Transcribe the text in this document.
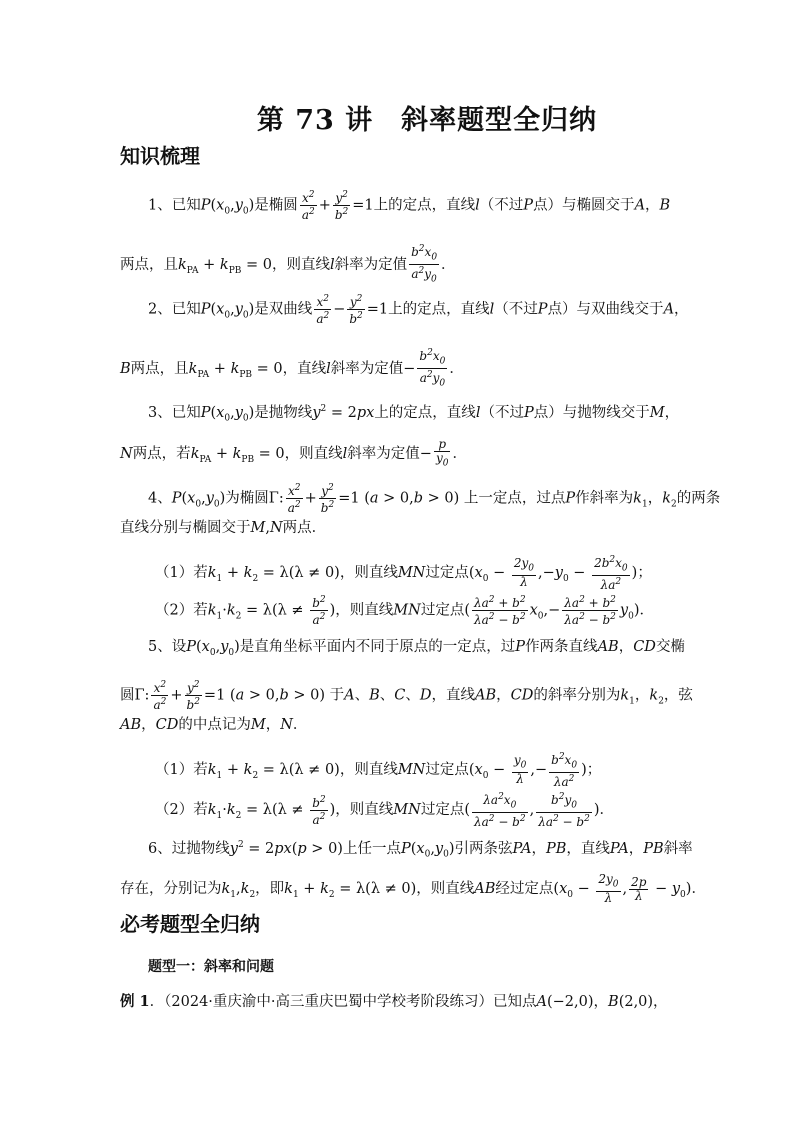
第 73 讲　斜率题型全归纳
知识梳理
1、已知$P(x_0,y_0)$是椭圆 $\frac{x^2}{a^2} + \frac{y^2}{b^2} =1$上的定点，直线l（不过P点）与椭圆交于A，B
两点，且$k_{PA} + k_{PB} = 0$，则直线l斜率为定值 $\frac{b^2x_0}{a^2y_0}$ ．
2、已知$P(x_0,y_0)$是双曲线 $\frac{x^2}{a^2} - \frac{y^2}{b^2} =1$上的定点，直线l（不过P点）与双曲线交于A，
B两点，且$k_{PA} + k_{PB} = 0$，直线l斜率为定值− $\frac{b^2x_0}{a^2y_0}$ ．
3、已知$P(x_0,y_0)$是抛物线$y^2 = 2px$上的定点，直线l（不过P点）与抛物线交于M，
N两点，若$k_{PA} + k_{PB} = 0$，则直线l斜率为定值− $\frac{p}{y_0}$ ．
4、$P(x_0,y_0)$为椭圆Γ: $\frac{x^2}{a^2} + \frac{y^2}{b^2} =1$ (a > 0,b > 0) 上一定点，过点P作斜率为$k_1$，$k_2$的两条
直线分别与椭圆交于M,N两点．
（1）若$k_1 + k_2 = \lambda(\lambda \ne 0)$，则直线MN过定点($x_0 - \frac{2y_0}{\lambda} ,-y_0 - \frac{2b^2x_0}{\lambda a^2}$ )；
（2）若$k_1\cdot k_2 = \lambda(\lambda \ne \frac{b^2}{a^2}$ )，则直线MN过定点( $\frac{\lambda a^2 + b^2}{\lambda a^2 - b^2} x_0,- \frac{\lambda a^2 + b^2}{\lambda a^2 - b^2} y_0$)．
5、设$P(x_0,y_0)$是直角坐标平面内不同于原点的一定点，过P作两条直线AB，CD交椭
圆Γ: $\frac{x^2}{a^2} + \frac{y^2}{b^2} =1$ (a > 0,b > 0) 于A、B、C、D，直线AB，CD的斜率分别为$k_1$，$k_2$，弦
AB，CD的中点记为M，N．
（1）若$k_1 + k_2 = \lambda(\lambda \ne 0)$，则直线MN过定点($x_0 - \frac{y_0}{\lambda}$ ,− $\frac{b^2x_0}{\lambda a^2}$ )；
（2）若$k_1\cdot k_2 = \lambda(\lambda \ne \frac{b^2}{a^2}$ )，则直线MN过定点( $\frac{\lambda a^2x_0}{\lambda a^2 - b^2}$ , $\frac{b^2y_0}{\lambda a^2 - b^2}$ )．
6、过抛物线$y^2 = 2px(p > 0)$上任一点$P(x_0,y_0)$引两条弦PA，PB，直线PA，PB斜率
存在，分别记为$k_1,k_2$，即$k_1 + k_2 = \lambda(\lambda \ne 0)$，则直线AB经过定点($x_0 - \frac{2y_0}{\lambda}$ , $\frac{2p}{\lambda} - y_0$)．
必考题型全归纳
题型一：斜率和问题
例 1．（2024·重庆渝中·高三重庆巴蜀中学校考阶段练习）已知点A(−2,0)，B(2,0)，
